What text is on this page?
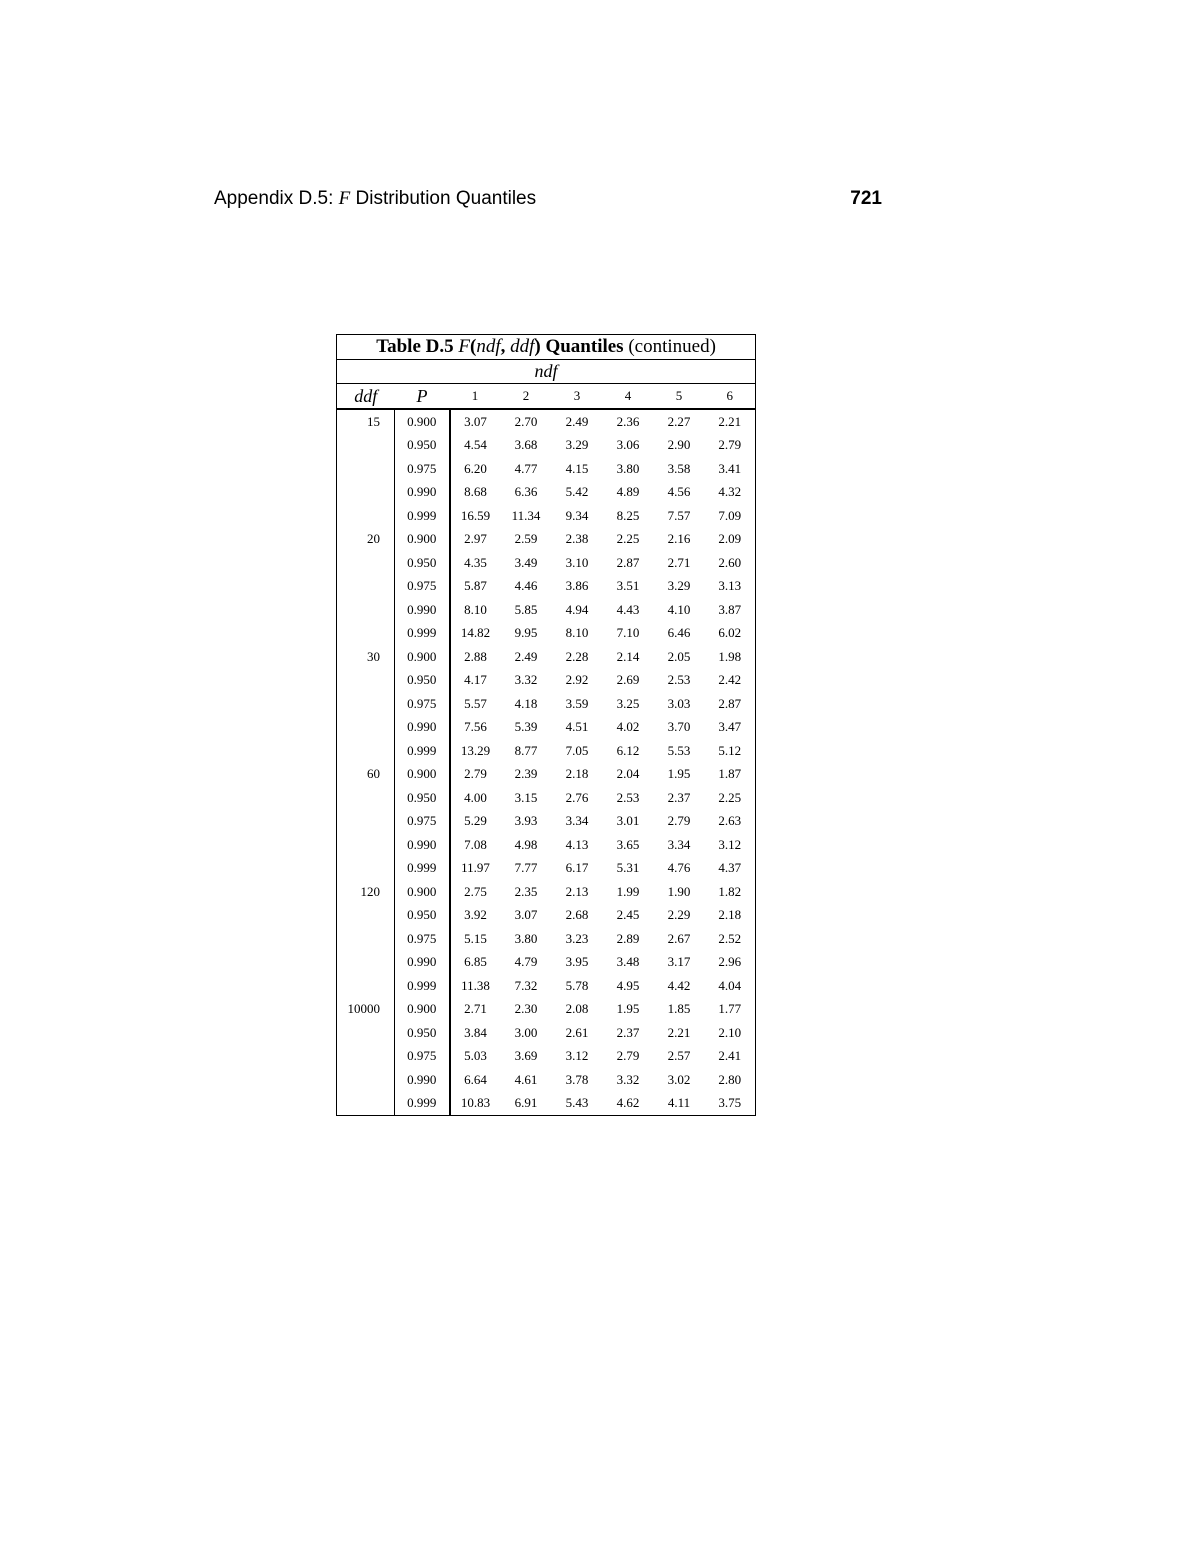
Appendix D.5: F Distribution Quantiles	721
Table D.5 F(ndf, ddf) Quantiles (continued)							
ndf							
ddf	P	1	2	3	4	5	6
15	0.900	3.07	2.70	2.49	2.36	2.27	2.21
	0.950	4.54	3.68	3.29	3.06	2.90	2.79
	0.975	6.20	4.77	4.15	3.80	3.58	3.41
	0.990	8.68	6.36	5.42	4.89	4.56	4.32
	0.999	16.59	11.34	9.34	8.25	7.57	7.09
20	0.900	2.97	2.59	2.38	2.25	2.16	2.09
	0.950	4.35	3.49	3.10	2.87	2.71	2.60
	0.975	5.87	4.46	3.86	3.51	3.29	3.13
	0.990	8.10	5.85	4.94	4.43	4.10	3.87
	0.999	14.82	9.95	8.10	7.10	6.46	6.02
30	0.900	2.88	2.49	2.28	2.14	2.05	1.98
	0.950	4.17	3.32	2.92	2.69	2.53	2.42
	0.975	5.57	4.18	3.59	3.25	3.03	2.87
	0.990	7.56	5.39	4.51	4.02	3.70	3.47
	0.999	13.29	8.77	7.05	6.12	5.53	5.12
60	0.900	2.79	2.39	2.18	2.04	1.95	1.87
	0.950	4.00	3.15	2.76	2.53	2.37	2.25
	0.975	5.29	3.93	3.34	3.01	2.79	2.63
	0.990	7.08	4.98	4.13	3.65	3.34	3.12
	0.999	11.97	7.77	6.17	5.31	4.76	4.37
120	0.900	2.75	2.35	2.13	1.99	1.90	1.82
	0.950	3.92	3.07	2.68	2.45	2.29	2.18
	0.975	5.15	3.80	3.23	2.89	2.67	2.52
	0.990	6.85	4.79	3.95	3.48	3.17	2.96
	0.999	11.38	7.32	5.78	4.95	4.42	4.04
10000	0.900	2.71	2.30	2.08	1.95	1.85	1.77
	0.950	3.84	3.00	2.61	2.37	2.21	2.10
	0.975	5.03	3.69	3.12	2.79	2.57	2.41
	0.990	6.64	4.61	3.78	3.32	3.02	2.80
	0.999	10.83	6.91	5.43	4.62	4.11	3.75
